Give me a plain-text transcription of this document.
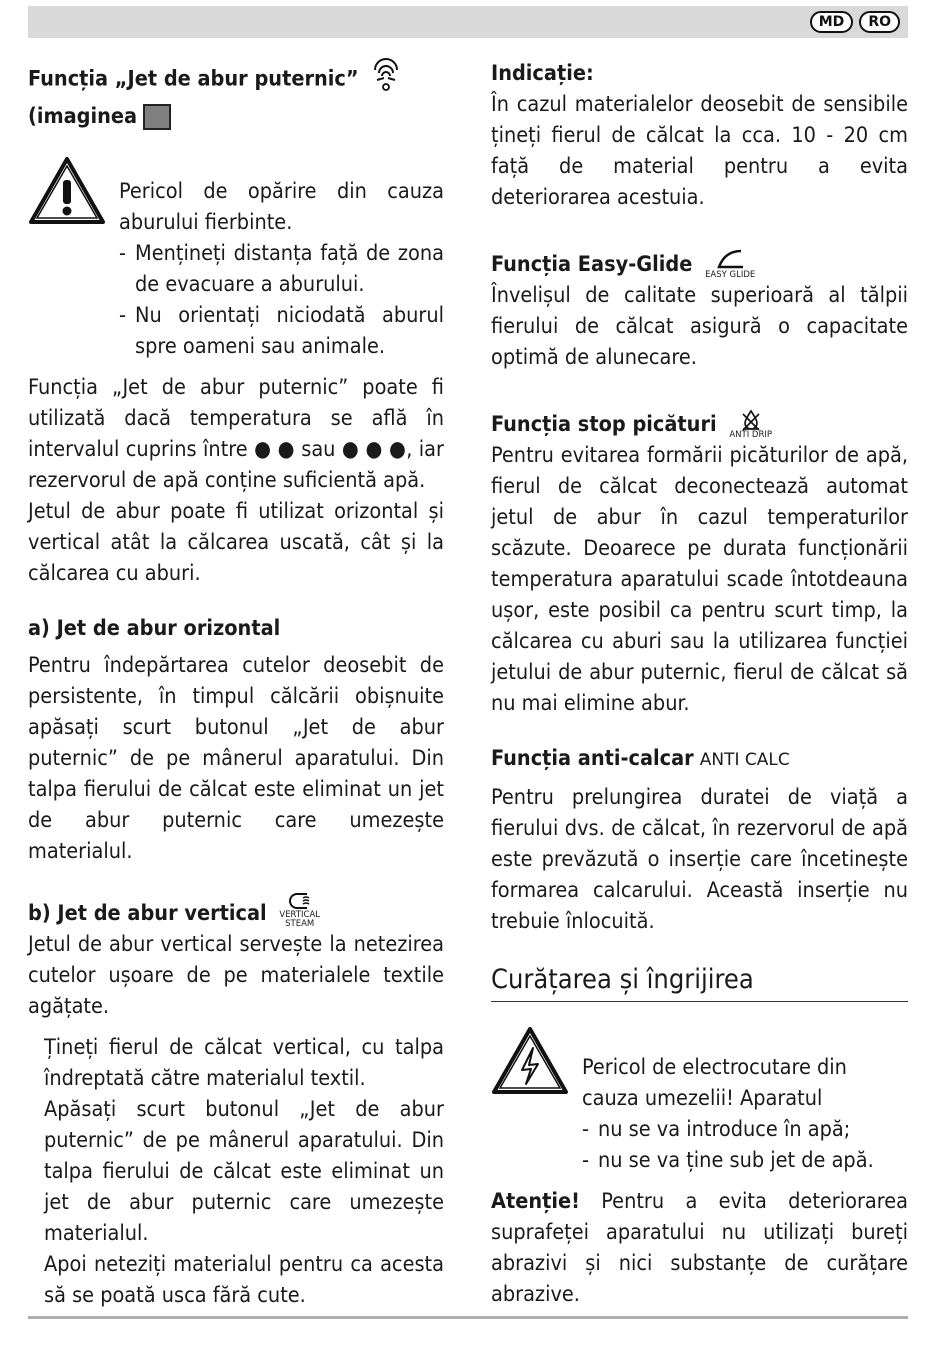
MD	RO
Funcția „Jet de abur puternic”
(imaginea

Pericol de opărire din cauza aburului fierbinte.

- Mențineți distanța față de zona de evacuare a aburului.
- Nu orientați niciodată aburul spre oameni sau animale.

Funcția „Jet de abur puternic” poate fi utilizată dacă temperatura se află în intervalul cuprins între ● ● sau ● ● ●, iar rezervorul de apă conține suficientă apă.

Jetul de abur poate fi utilizat orizontal și vertical atât la călcarea uscată, cât și la călcarea cu aburi.

a) Jet de abur orizontal

Pentru îndepărtarea cutelor deosebit de persistente, în timpul călcării obișnuite apăsați scurt butonul „Jet de abur puternic” de pe mânerul aparatului. Din talpa fierului de călcat este eliminat un jet de abur puternic care umezește materialul.

b) Jet de abur vertical VERTICAL
STEAM

Jetul de abur vertical servește la netezirea cutelor ușoare de pe materialele textile agățate.

Țineți fierul de călcat vertical, cu talpa îndreptată către materialul textil.

Apăsați scurt butonul „Jet de abur puternic” de pe mânerul aparatului. Din talpa fierului de călcat este eliminat un jet de abur puternic care umezește materialul.

Apoi neteziți materialul pentru ca acesta să se poată usca fără cute.

Indicație:

În cazul materialelor deosebit de sensibile țineți fierul de călcat la cca. 10 - 20 cm față de material pentru a evita deteriorarea acestuia.

Funcția Easy-Glide EASY GLIDE

Învelișul de calitate superioară al tălpii fierului de călcat asigură o capacitate optimă de alunecare.

Funcția stop picături ANTI DRIP

Pentru evitarea formării picăturilor de apă, fierul de călcat deconectează automat jetul de abur în cazul temperaturilor scăzute. Deoarece pe durata funcționării temperatura aparatului scade întotdeauna ușor, este posibil ca pentru scurt timp, la călcarea cu aburi sau la utilizarea funcției jetului de abur puternic, fierul de călcat să nu mai elimine abur.

Funcția anti-calcar ANTI CALC

Pentru prelungirea duratei de viață a fierului dvs. de călcat, în rezervorul de apă este prevăzută o inserție care încetinește formarea calcarului. Această inserție nu trebuie înlocuită.

Curățarea și îngrijirea

Pericol de electrocutare din cauza umezelii! Aparatul

- nu se va introduce în apă;
- nu se va ține sub jet de apă.

Atenție! Pentru a evita deteriorarea suprafeței aparatului nu utilizați bureți abrazivi și nici substanțe de curățare abrazive.
